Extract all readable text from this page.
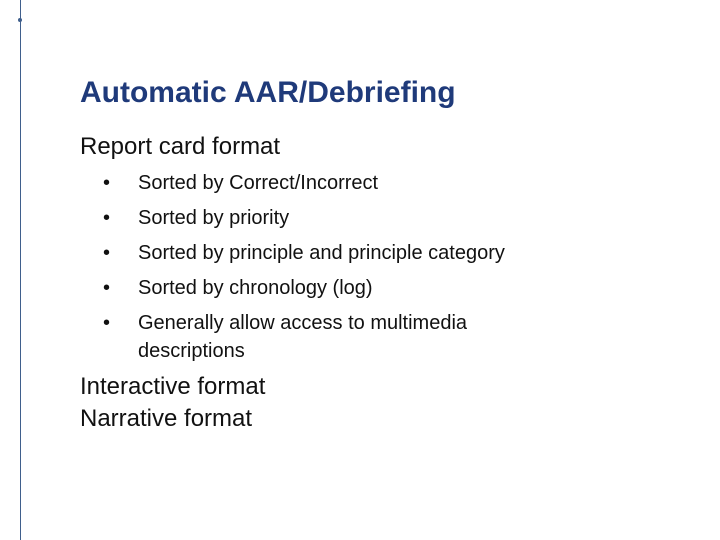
Automatic AAR/Debriefing
Report card format
•	Sorted by Correct/Incorrect
•	Sorted by priority
•	Sorted by principle and principle category
•	Sorted by chronology (log)
•	Generally allow access to multimedia descriptions
Interactive format
Narrative format
